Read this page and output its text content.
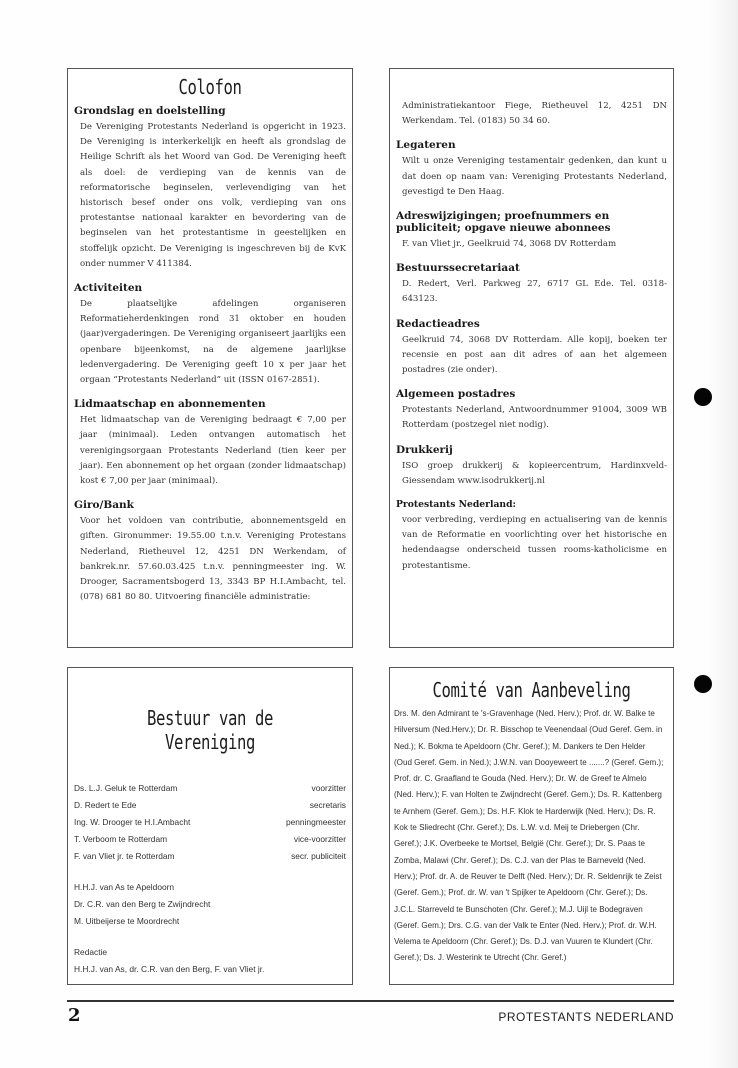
Colofon
Grondslag en doelstelling

De Vereniging Protestants Nederland is opgericht in 1923. De Vereniging is interkerkelijk en heeft als grondslag de Heilige Schrift als het Woord van God. De Vereniging heeft als doel: de verdieping van de kennis van de reformatorische beginselen, verlevendiging van het historisch besef onder ons volk, verdieping van ons protestantse nationaal karakter en bevordering van de beginselen van het protestantisme in geestelijken en stoffelijk opzicht. De Vereniging is ingeschreven bij de KvK onder nummer V 411384.

Activiteiten

De plaatselijke afdelingen organiseren Reformatieherdenkingen rond 31 oktober en houden (jaar)vergaderingen. De Vereniging organiseert jaarlijks een openbare bijeenkomst, na de algemene jaarlijkse ledenvergadering. De Vereniging geeft 10 x per jaar het orgaan “Protestants Nederland” uit (ISSN 0167-2851).

Lidmaatschap en abonnementen

Het lidmaatschap van de Vereniging bedraagt € 7,00 per jaar (minimaal). Leden ontvangen automatisch het verenigingsorgaan Protestants Nederland (tien keer per jaar). Een abonnement op het orgaan (zonder lidmaatschap) kost € 7,00 per jaar (minimaal).

Giro/Bank

Voor het voldoen van contributie, abonnementsgeld en giften. Gironummer: 19.55.00 t.n.v. Vereniging Protestans Nederland, Rietheuvel 12, 4251 DN Werkendam, of bankrek.nr. 57.60.03.425 t.n.v. penningmeester ing. W. Drooger, Sacramentsbogerd 13, 3343 BP H.I.Ambacht, tel. (078) 681 80 80. Uitvoering financiële administratie:

Administratiekantoor Fiege, Rietheuvel 12, 4251 DN Werkendam. Tel. (0183) 50 34 60.

Legateren

Wilt u onze Vereniging testamentair gedenken, dan kunt u dat doen op naam van: Vereniging Protestants Nederland, gevestigd te Den Haag.

Adreswijzigingen; proefnummers en publiciteit; opgave nieuwe abonnees

F. van Vliet jr., Geelkruid 74, 3068 DV Rotterdam

Bestuurssecretariaat

D. Redert, Verl. Parkweg 27, 6717 GL Ede. Tel. 0318-643123.

Redactieadres

Geelkruid 74, 3068 DV Rotterdam. Alle kopij, boeken ter recensie en post aan dit adres of aan het algemeen postadres (zie onder).

Algemeen postadres

Protestants Nederland, Antwoordnummer 91004, 3009 WB Rotterdam (postzegel niet nodig).

Drukkerij

ISO groep drukkerij & kopieercentrum, Hardinxveld-Giessendam www.isodrukkerij.nl

Protestants Nederland:

voor verbreding, verdieping en actualisering van de kennis van de Reformatie en voorlichting over het historische en hedendaagse onderscheid tussen rooms-katholicisme en protestantisme.

Bestuur van de Vereniging
Ds. L.J. Geluk te Rotterdam	voorzitter
D. Redert te Ede	secretaris
Ing. W. Drooger te H.I.Ambacht	penningmeester
T. Verboom te Rotterdam	vice-voorzitter
F. van Vliet jr. te Rotterdam	secr. publiciteit
H.H.J. van As te Apeldoorn
Dr. C.R. van den Berg te Zwijndrecht
M. Uitbeijerse te Moordrecht
Redactie
H.H.J. van As, dr. C.R. van den Berg, F. van Vliet jr.
Comité van Aanbeveling

Drs. M. den Admirant te 's-Gravenhage (Ned. Herv.); Prof. dr. W. Balke te Hilversum (Ned.Herv.); Dr. R. Bisschop te Veenendaal (Oud Geref. Gem. in Ned.); K. Bokma te Apeldoorn (Chr. Geref.); M. Dankers te Den Helder (Oud Geref. Gem. in Ned.); J.W.N. van Dooyeweert te .......? (Geref. Gem.); Prof. dr. C. Graafland te Gouda (Ned. Herv.); Dr. W. de Greef te Almelo (Ned. Herv.); F. van Holten te Zwijndrecht (Geref. Gem.); Ds. R. Kattenberg te Arnhem (Geref. Gem.); Ds. H.F. Klok te Harderwijk (Ned. Herv.); Ds. R. Kok te Sliedrecht (Chr. Geref.); Ds. L.W. v.d. Meij te Driebergen (Chr. Geref.); J.K. Overbeeke te Mortsel, België (Chr. Geref.); Dr. S. Paas te Zomba, Malawi (Chr. Geref.); Ds. C.J. van der Plas te Barneveld (Ned. Herv.); Prof. dr. A. de Reuver te Delft (Ned. Herv.); Dr. R. Seldenrijk te Zeist (Geref. Gem.); Prof. dr. W. van 't Spijker te Apeldoorn (Chr. Geref.); Ds. J.C.L. Starreveld te Bunschoten (Chr. Geref.); M.J. Uijl te Bodegraven (Geref. Gem.); Drs. C.G. van der Valk te Enter (Ned. Herv.); Prof. dr. W.H. Velema te Apeldoorn (Chr. Geref.); Ds. D.J. van Vuuren te Klundert (Chr. Geref.); Ds. J. Westerink te Utrecht (Chr. Geref.)

2	PROTESTANTS NEDERLAND
